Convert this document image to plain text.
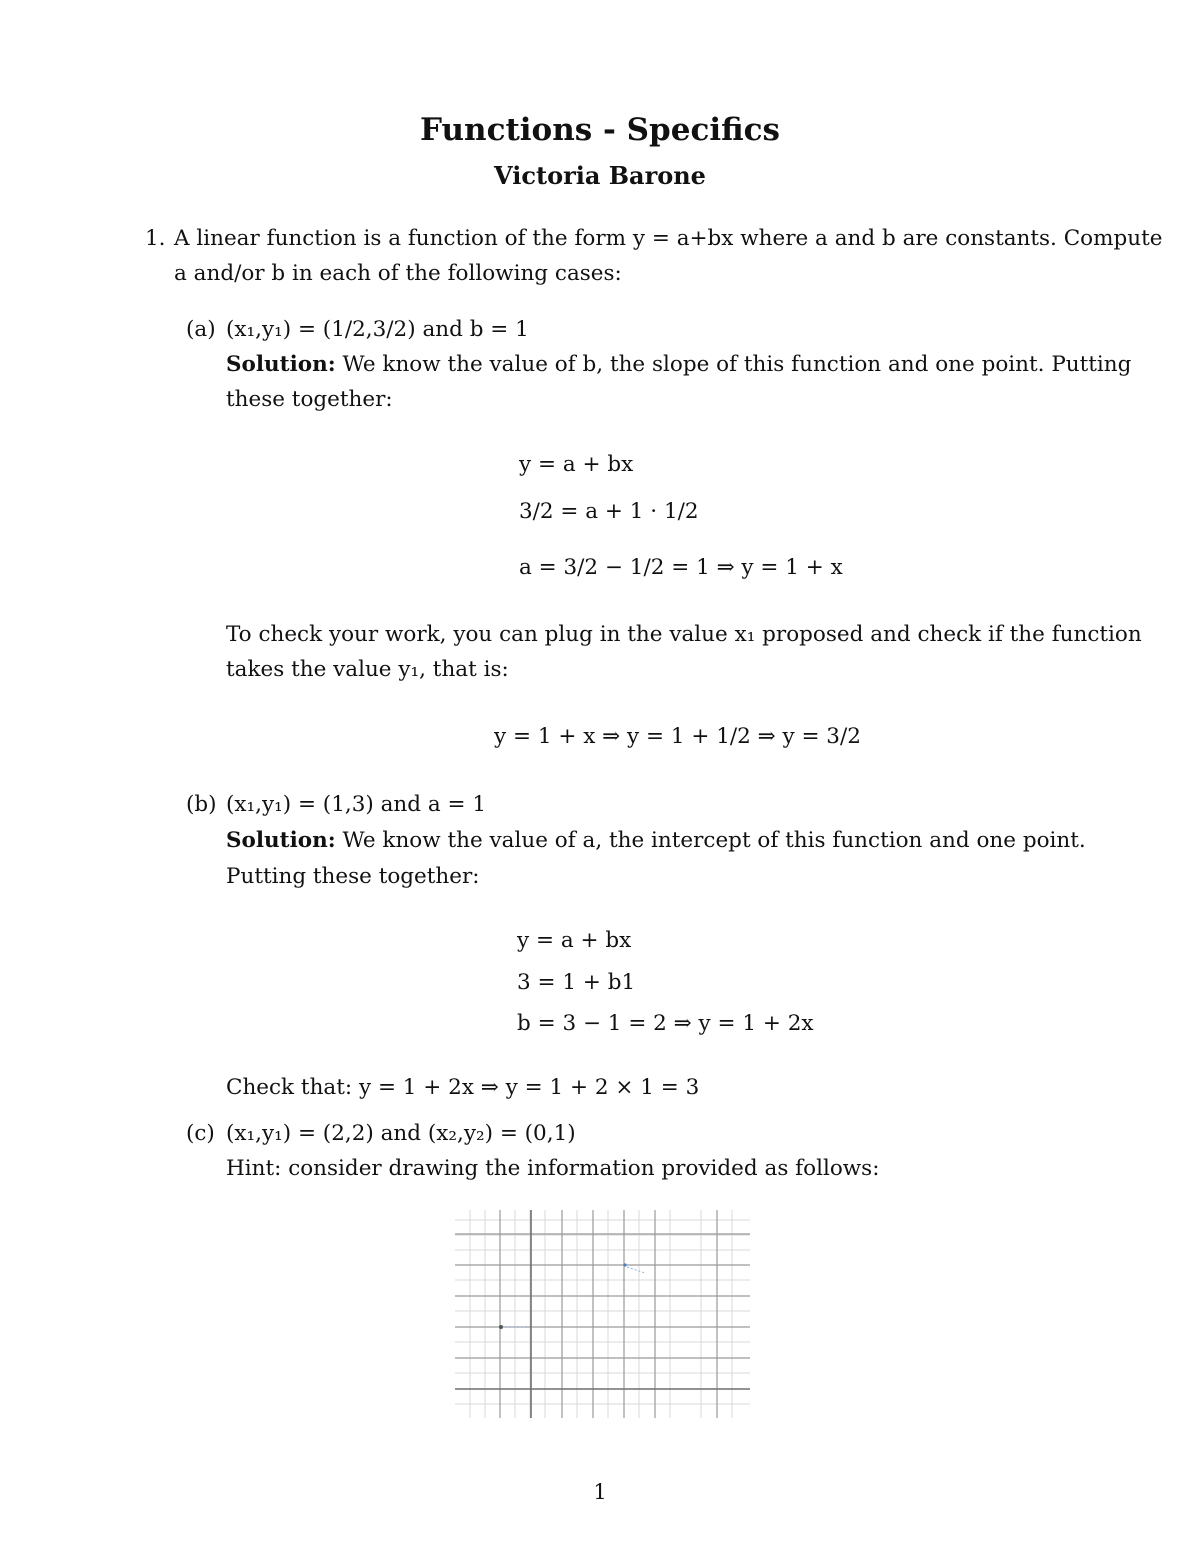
Functions - Specifics
Victoria Barone
1. A linear function is a function of the form y = a+bx where a and b are constants. Compute
a and/or b in each of the following cases:
(a) (x₁,y₁) = (1/2,3/2) and b = 1
Solution: We know the value of b, the slope of this function and one point. Putting
these together:
y = a + bx
3/2 = a + 1 · 1/2
a = 3/2 − 1/2 = 1 ⇒ y = 1 + x
To check your work, you can plug in the value x₁ proposed and check if the function
takes the value y₁, that is:
y = 1 + x ⇒ y = 1 + 1/2 ⇒ y = 3/2
(b) (x₁,y₁) = (1,3) and a = 1
Solution: We know the value of a, the intercept of this function and one point.
Putting these together:
y = a + bx
3 = 1 + b1
b = 3 − 1 = 2 ⇒ y = 1 + 2x
Check that: y = 1 + 2x ⇒ y = 1 + 2 × 1 = 3
(c) (x₁,y₁) = (2,2) and (x₂,y₂) = (0,1)
Hint: consider drawing the information provided as follows:
1
